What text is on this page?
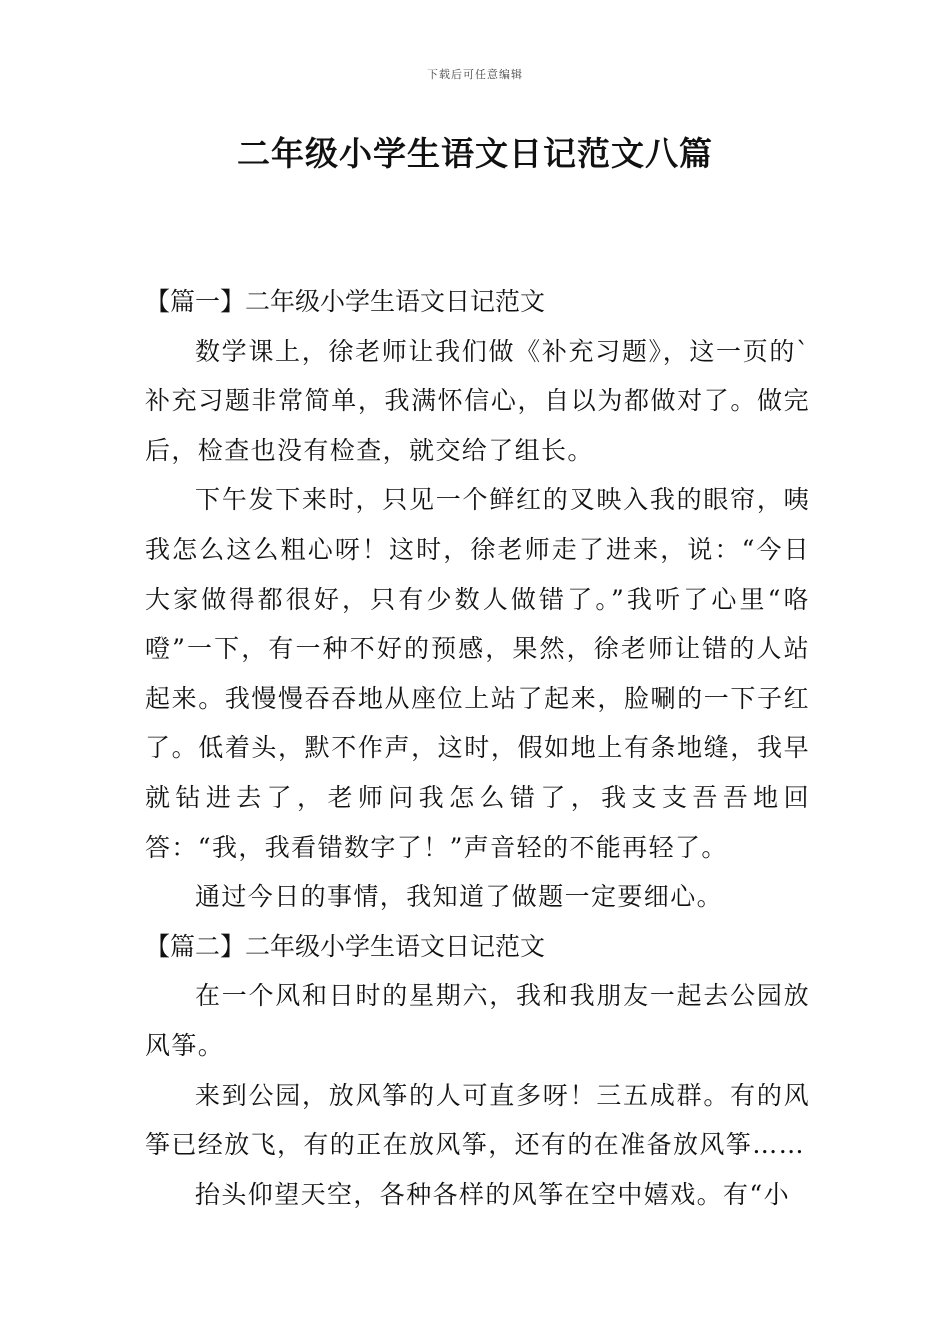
下载后可任意编辑
二年级小学生语文日记范文八篇
【篇一】二年级小学生语文日记范文

数学课上，徐老师让我们做《补充习题》，这一页的`补充习题非常简单，我满怀信心，自以为都做对了。做完后，检查也没有检查，就交给了组长。

下午发下来时，只见一个鲜红的叉映入我的眼帘，咦我怎么这么粗心呀！这时，徐老师走了进来，说：“今日大家做得都很好，只有少数人做错了。”我听了心里“咯噔”一下，有一种不好的预感，果然，徐老师让错的人站起来。我慢慢吞吞地从座位上站了起来，脸唰的一下子红了。低着头，默不作声，这时，假如地上有条地缝，我早就钻进去了，老师问我怎么错了，我支支吾吾地回答：“我，我看错数字了！”声音轻的不能再轻了。

通过今日的事情，我知道了做题一定要细心。

【篇二】二年级小学生语文日记范文

在一个风和日时的星期六，我和我朋友一起去公园放风筝。

来到公园，放风筝的人可直多呀！三五成群。有的风筝已经放飞，有的正在放风筝，还有的在准备放风筝……

抬头仰望天空，各种各样的风筝在空中嬉戏。有“小
